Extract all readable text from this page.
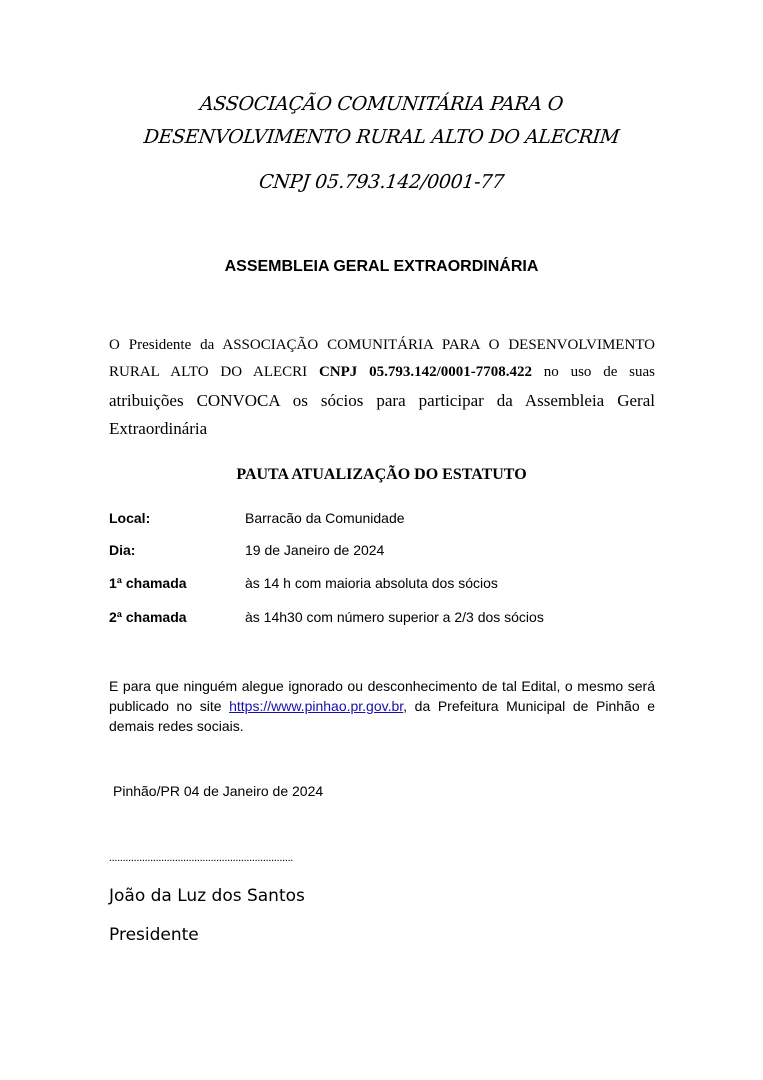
ASSOCIAÇÃO COMUNITÁRIA PARA O
DESENVOLVIMENTO RURAL ALTO DO ALECRIM
CNPJ 05.793.142/0001-77
ASSEMBLEIA GERAL EXTRAORDINÁRIA
O Presidente da ASSOCIAÇÃO COMUNITÁRIA PARA O DESENVOLVIMENTO
RURAL ALTO DO ALECRI CNPJ 05.793.142/0001-7708.422 no uso de suas
atribuições CONVOCA os sócios para participar da Assembleia Geral
Extraordinária
PAUTA ATUALIZAÇÃO DO ESTATUTO
Local:	Barracão da Comunidade
Dia:	19 de Janeiro de 2024
1ª chamada	às 14 h com maioria absoluta dos sócios
2ª chamada	às 14h30 com número superior a 2/3 dos sócios
E para que ninguém alegue ignorado ou desconhecimento de tal Edital, o mesmo será publicado no site https://www.pinhao.pr.gov.br, da Prefeitura Municipal de Pinhão e demais redes sociais.
Pinhão/PR 04 de Janeiro de 2024
...................................................................
João da Luz dos Santos
Presidente
